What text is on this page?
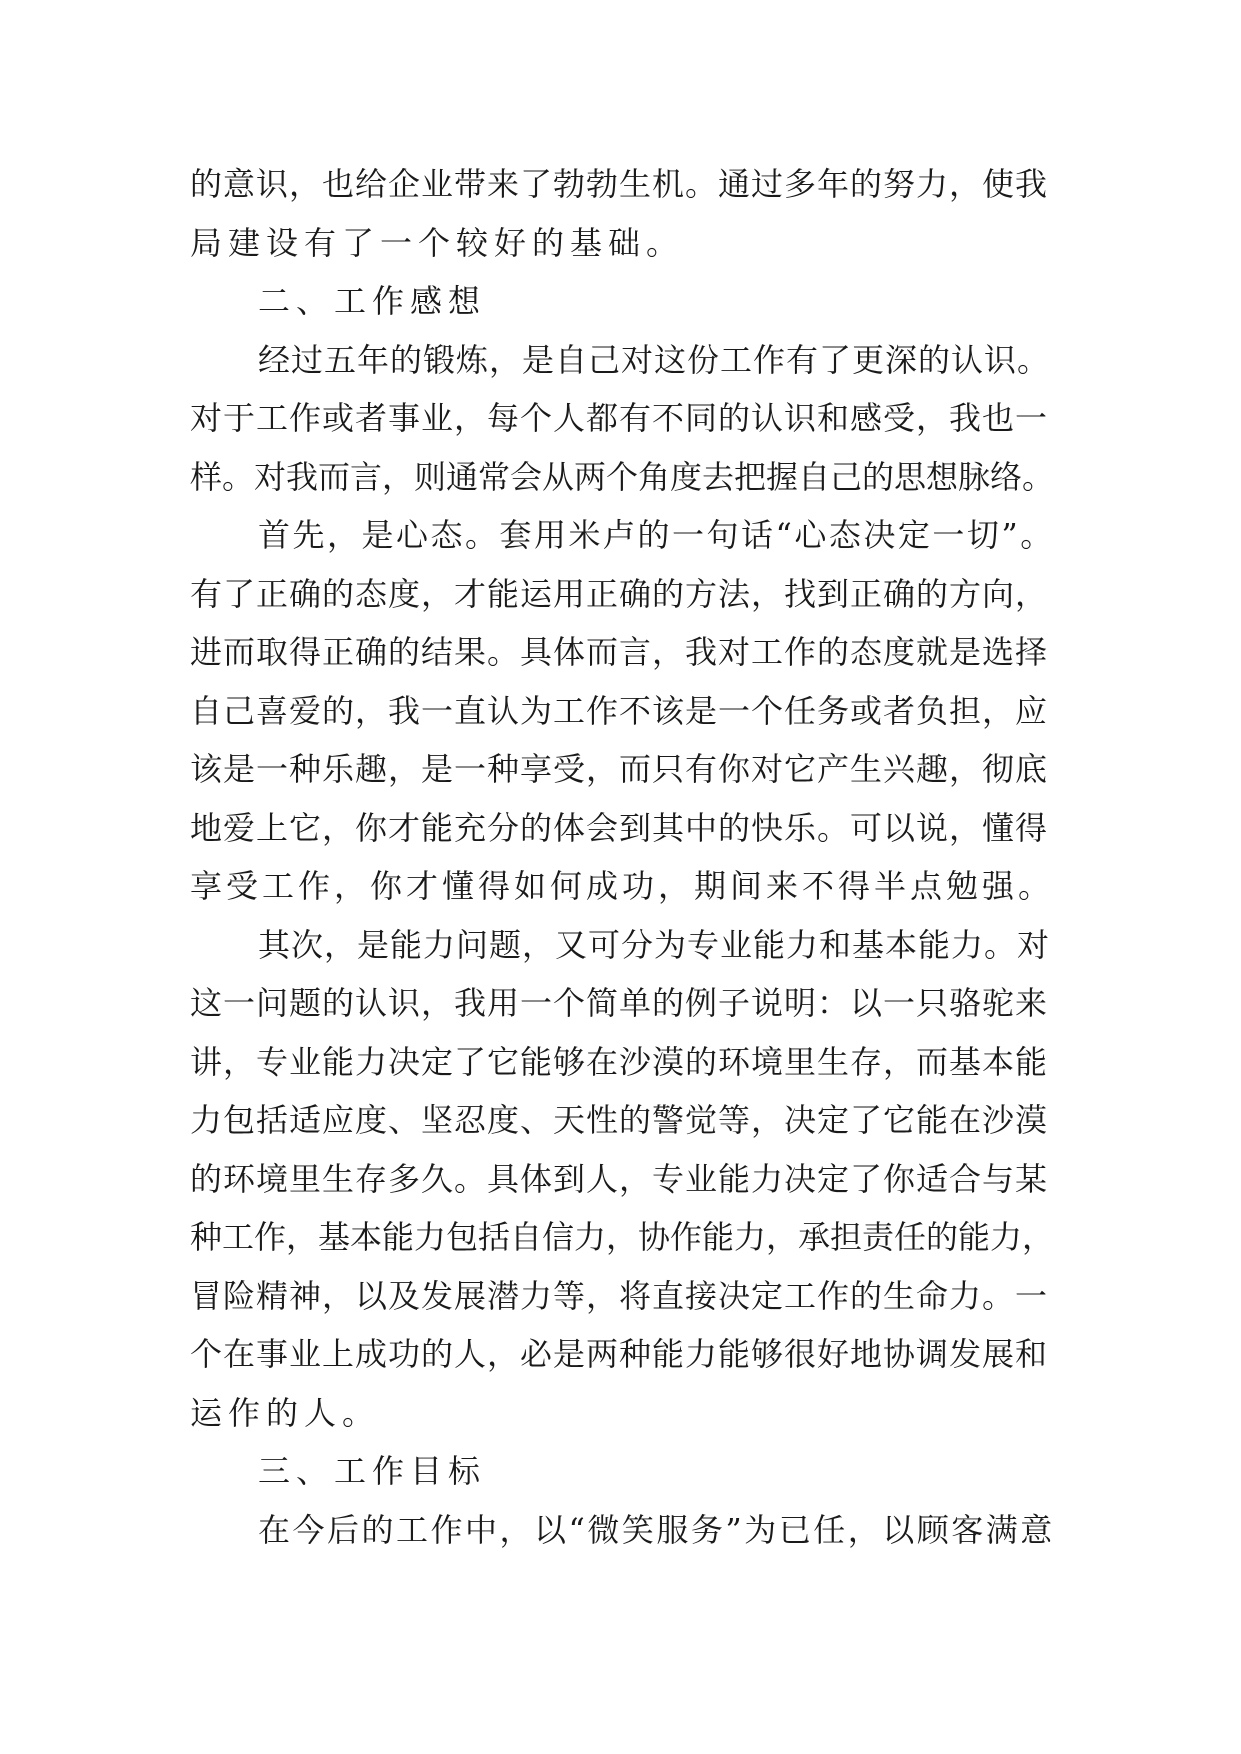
的意识，也给企业带来了勃勃生机。通过多年的努力，使我
局建设有了一个较好的基础。
二、工作感想
经过五年的锻炼，是自己对这份工作有了更深的认识。
对于工作或者事业，每个人都有不同的认识和感受，我也一
样。对我而言，则通常会从两个角度去把握自己的思想脉络。
首先，是心态。套用米卢的一句话“心态决定一切”。
有了正确的态度，才能运用正确的方法，找到正确的方向，
进而取得正确的结果。具体而言，我对工作的态度就是选择
自己喜爱的，我一直认为工作不该是一个任务或者负担，应
该是一种乐趣，是一种享受，而只有你对它产生兴趣，彻底
地爱上它，你才能充分的体会到其中的快乐。可以说，懂得
享受工作，你才懂得如何成功，期间来不得半点勉强。
其次，是能力问题，又可分为专业能力和基本能力。对
这一问题的认识，我用一个简单的例子说明：以一只骆驼来
讲，专业能力决定了它能够在沙漠的环境里生存，而基本能
力包括适应度、坚忍度、天性的警觉等，决定了它能在沙漠
的环境里生存多久。具体到人，专业能力决定了你适合与某
种工作，基本能力包括自信力，协作能力，承担责任的能力，
冒险精神，以及发展潜力等，将直接决定工作的生命力。一
个在事业上成功的人，必是两种能力能够很好地协调发展和
运作的人。
三、工作目标
在今后的工作中，以“微笑服务”为已任，以顾客满意
